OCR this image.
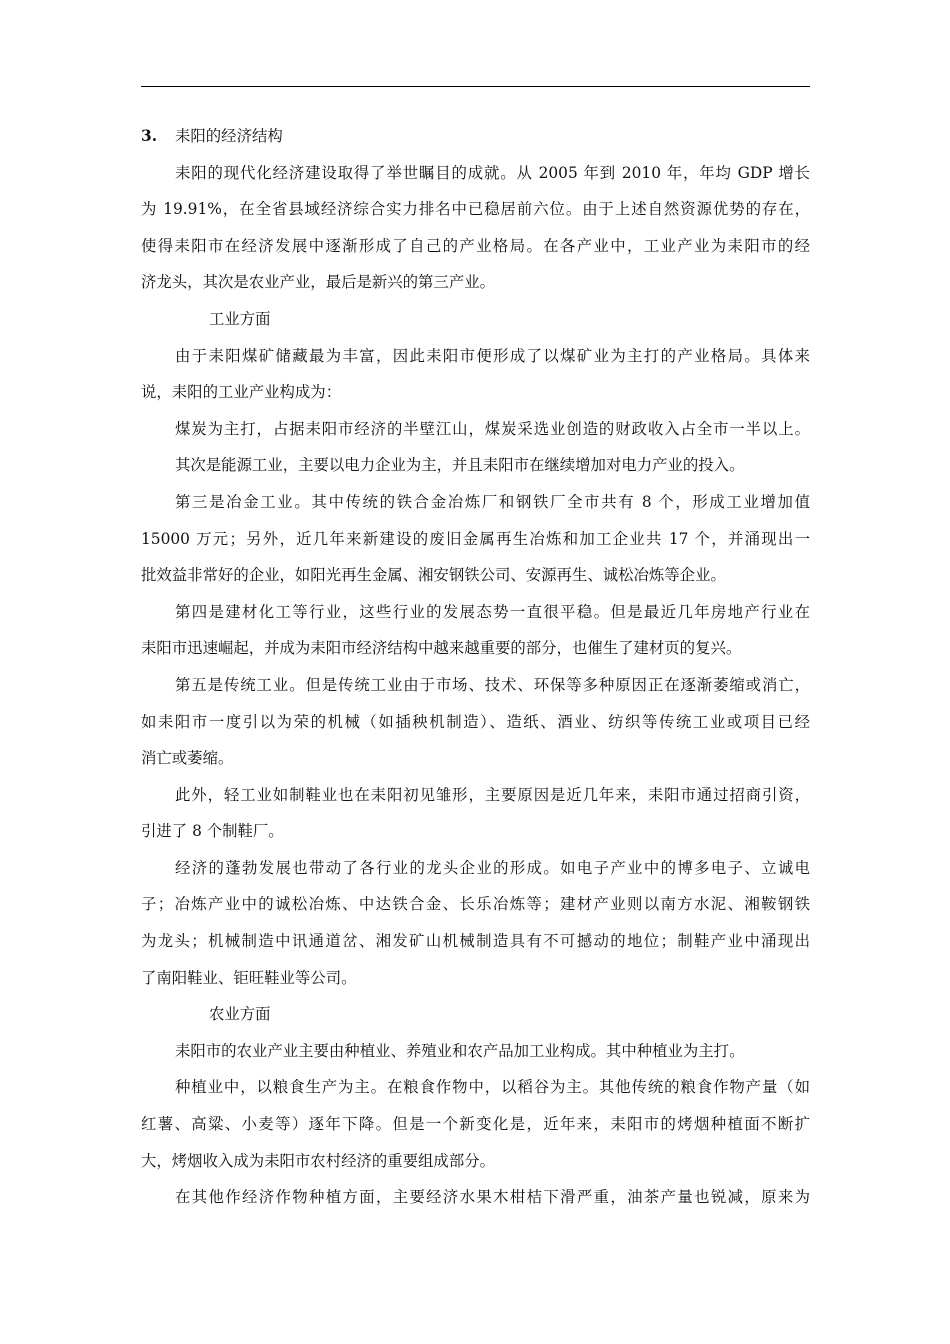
3. 耒阳的经济结构
耒阳的现代化经济建设取得了举世瞩目的成就。从 2005 年到 2010 年，年均 GDP 增长
为 19.91%，在全省县域经济综合实力排名中已稳居前六位。由于上述自然资源优势的存在，
使得耒阳市在经济发展中逐渐形成了自己的产业格局。在各产业中，工业产业为耒阳市的经
济龙头，其次是农业产业，最后是新兴的第三产业。
工业方面
由于耒阳煤矿储藏最为丰富，因此耒阳市便形成了以煤矿业为主打的产业格局。具体来
说，耒阳的工业产业构成为：
煤炭为主打，占据耒阳市经济的半壁江山，煤炭采选业创造的财政收入占全市一半以上。
其次是能源工业，主要以电力企业为主，并且耒阳市在继续增加对电力产业的投入。
第三是冶金工业。其中传统的铁合金冶炼厂和钢铁厂全市共有 8 个，形成工业增加值
15000 万元；另外，近几年来新建设的废旧金属再生冶炼和加工企业共 17 个，并涌现出一
批效益非常好的企业，如阳光再生金属、湘安钢铁公司、安源再生、诚松冶炼等企业。
第四是建材化工等行业，这些行业的发展态势一直很平稳。但是最近几年房地产行业在
耒阳市迅速崛起，并成为耒阳市经济结构中越来越重要的部分，也催生了建材页的复兴。
第五是传统工业。但是传统工业由于市场、技术、环保等多种原因正在逐渐萎缩或消亡，
如耒阳市一度引以为荣的机械（如插秧机制造）、造纸、酒业、纺织等传统工业或项目已经
消亡或萎缩。
此外，轻工业如制鞋业也在耒阳初见雏形，主要原因是近几年来，耒阳市通过招商引资，
引进了 8 个制鞋厂。
经济的蓬勃发展也带动了各行业的龙头企业的形成。如电子产业中的博多电子、立诚电
子；冶炼产业中的诚松冶炼、中达铁合金、长乐冶炼等；建材产业则以南方水泥、湘鞍钢铁
为龙头；机械制造中讯通道岔、湘发矿山机械制造具有不可撼动的地位；制鞋产业中涌现出
了南阳鞋业、钜旺鞋业等公司。
农业方面
耒阳市的农业产业主要由种植业、养殖业和农产品加工业构成。其中种植业为主打。
种植业中，以粮食生产为主。在粮食作物中，以稻谷为主。其他传统的粮食作物产量（如
红薯、高粱、小麦等）逐年下降。但是一个新变化是，近年来，耒阳市的烤烟种植面不断扩
大，烤烟收入成为耒阳市农村经济的重要组成部分。
在其他作经济作物种植方面，主要经济水果木柑桔下滑严重，油茶产量也锐减，原来为
